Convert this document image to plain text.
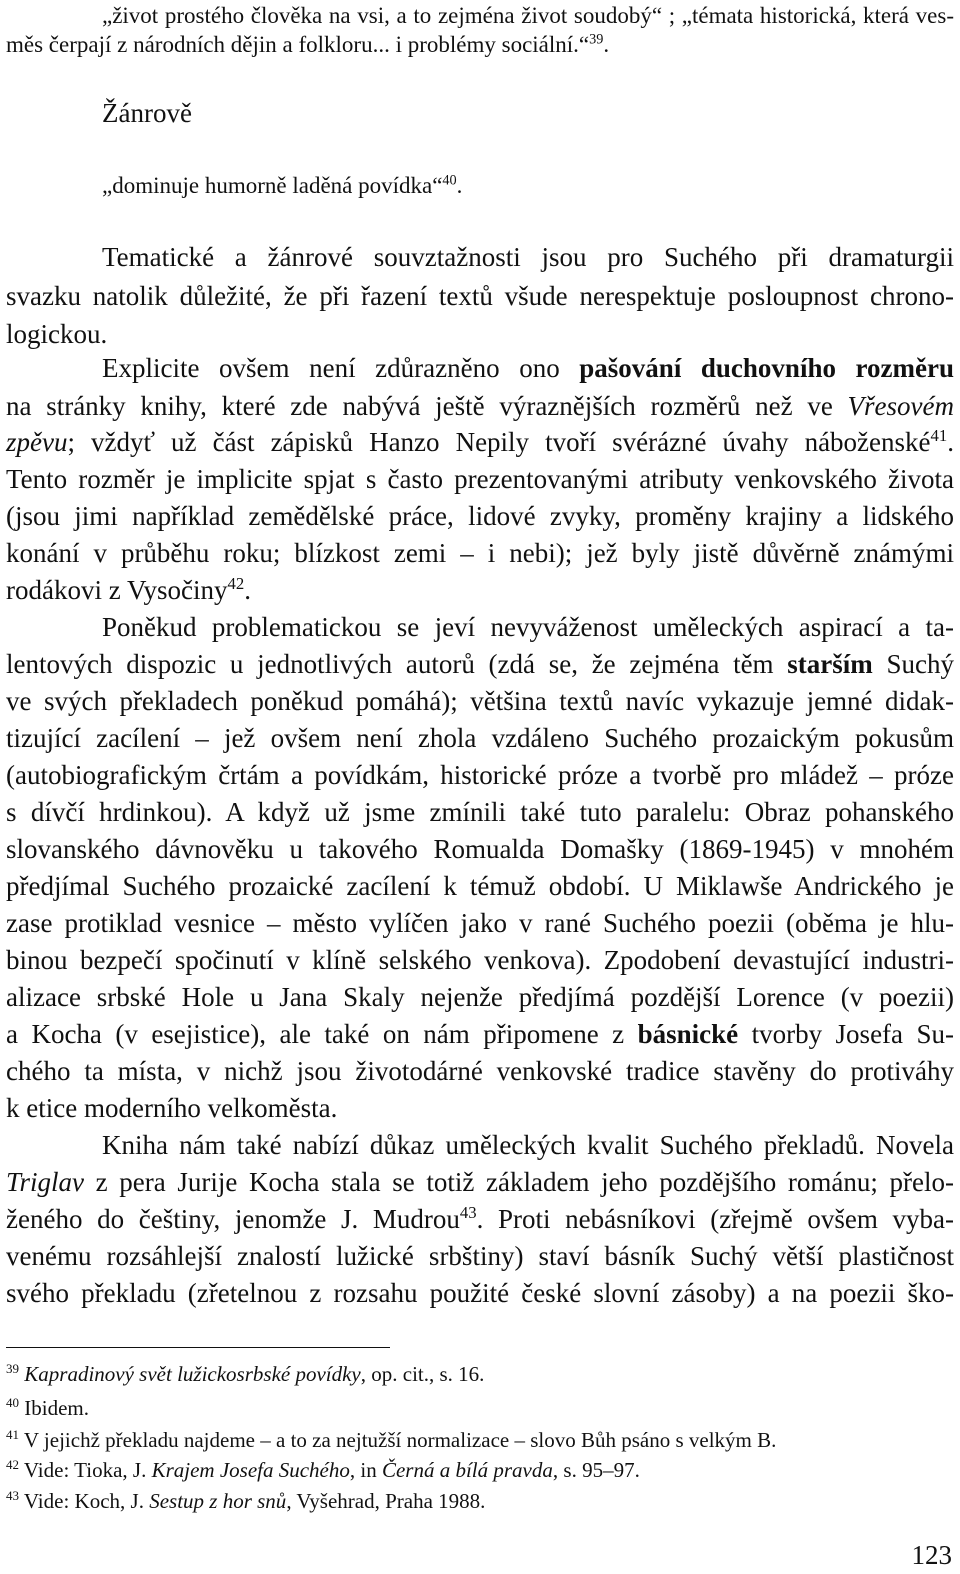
„život prostého člověka na vsi, a to zejména život soudobý“ ; „témata historická, která ves-
měs čerpají z národních dějin a folkloru... i problémy sociální.“$^{39}$.
Žánrově
„dominuje humorně laděná povídka“$^{40}$.
Tematické a žánrové souvztažnosti jsou pro Suchého při dramaturgii
svazku natolik důležité, že při řazení textů všude nerespektuje posloupnost chrono-
logickou.
Explicite ovšem není zdůrazněno ono pašování duchovního rozměru
na stránky knihy, které zde nabývá ještě výraznějších rozměrů než ve Vřesovém
zpěvu; vždyť už část zápisků Hanzo Nepily tvoří svérázné úvahy náboženské$^{41}$.
Tento rozměr je implicite spjat s často prezentovanými atributy venkovského života
(jsou jimi například zemědělské práce, lidové zvyky, proměny krajiny a lidského
konání v průběhu roku; blízkost zemi – i nebi); jež byly jistě důvěrně známými
rodákovi z Vysočiny$^{42}$.
Poněkud problematickou se jeví nevyváženost uměleckých aspirací a ta-
lentových dispozic u jednotlivých autorů (zdá se, že zejména těm starším Suchý
ve svých překladech poněkud pomáhá); většina textů navíc vykazuje jemné didak-
tizující zacílení – jež ovšem není zhola vzdáleno Suchého prozaickým pokusům
(autobiografickým črtám a povídkám, historické próze a tvorbě pro mládež – próze
s dívčí hrdinkou). A když už jsme zmínili také tuto paralelu: Obraz pohanského
slovanského dávnověku u takového Romualda Domašky (1869-1945) v mnohém
předjímal Suchého prozaické zacílení k témuž období. U Miklawše Andrického je
zase protiklad vesnice – město vylíčen jako v rané Suchého poezii (oběma je hlu-
binou bezpečí spočinutí v klíně selského venkova). Zpodobení devastující industri-
alizace srbské Hole u Jana Skaly nejenže předjímá pozdější Lorence (v poezii)
a Kocha (v esejistice), ale také on nám připomene z básnické tvorby Josefa Su-
chého ta místa, v nichž jsou životodárné venkovské tradice stavěny do protiváhy
k etice moderního velkoměsta.
Kniha nám také nabízí důkaz uměleckých kvalit Suchého překladů. Novela
Triglav z pera Jurije Kocha stala se totiž základem jeho pozdějšího románu; přelo-
ženého do češtiny, jenomže J. Mudrou$^{43}$. Proti nebásníkovi (zřejmě ovšem vyba-
venému rozsáhlejší znalostí lužické srbštiny) staví básník Suchý větší plastičnost
svého překladu (zřetelnou z rozsahu použité české slovní zásoby) a na poezii ško-
$^{39}$ Kapradinový svět lužickosrbské povídky, op. cit., s. 16.
$^{40}$ Ibidem.
$^{41}$ V jejichž překladu najdeme – a to za nejtužší normalizace – slovo Bůh psáno s velkým B.
$^{42}$ Vide: Tioka, J. Krajem Josefa Suchého, in Černá a bílá pravda, s. 95–97.
$^{43}$ Vide: Koch, J. Sestup z hor snů, Vyšehrad, Praha 1988.
123
